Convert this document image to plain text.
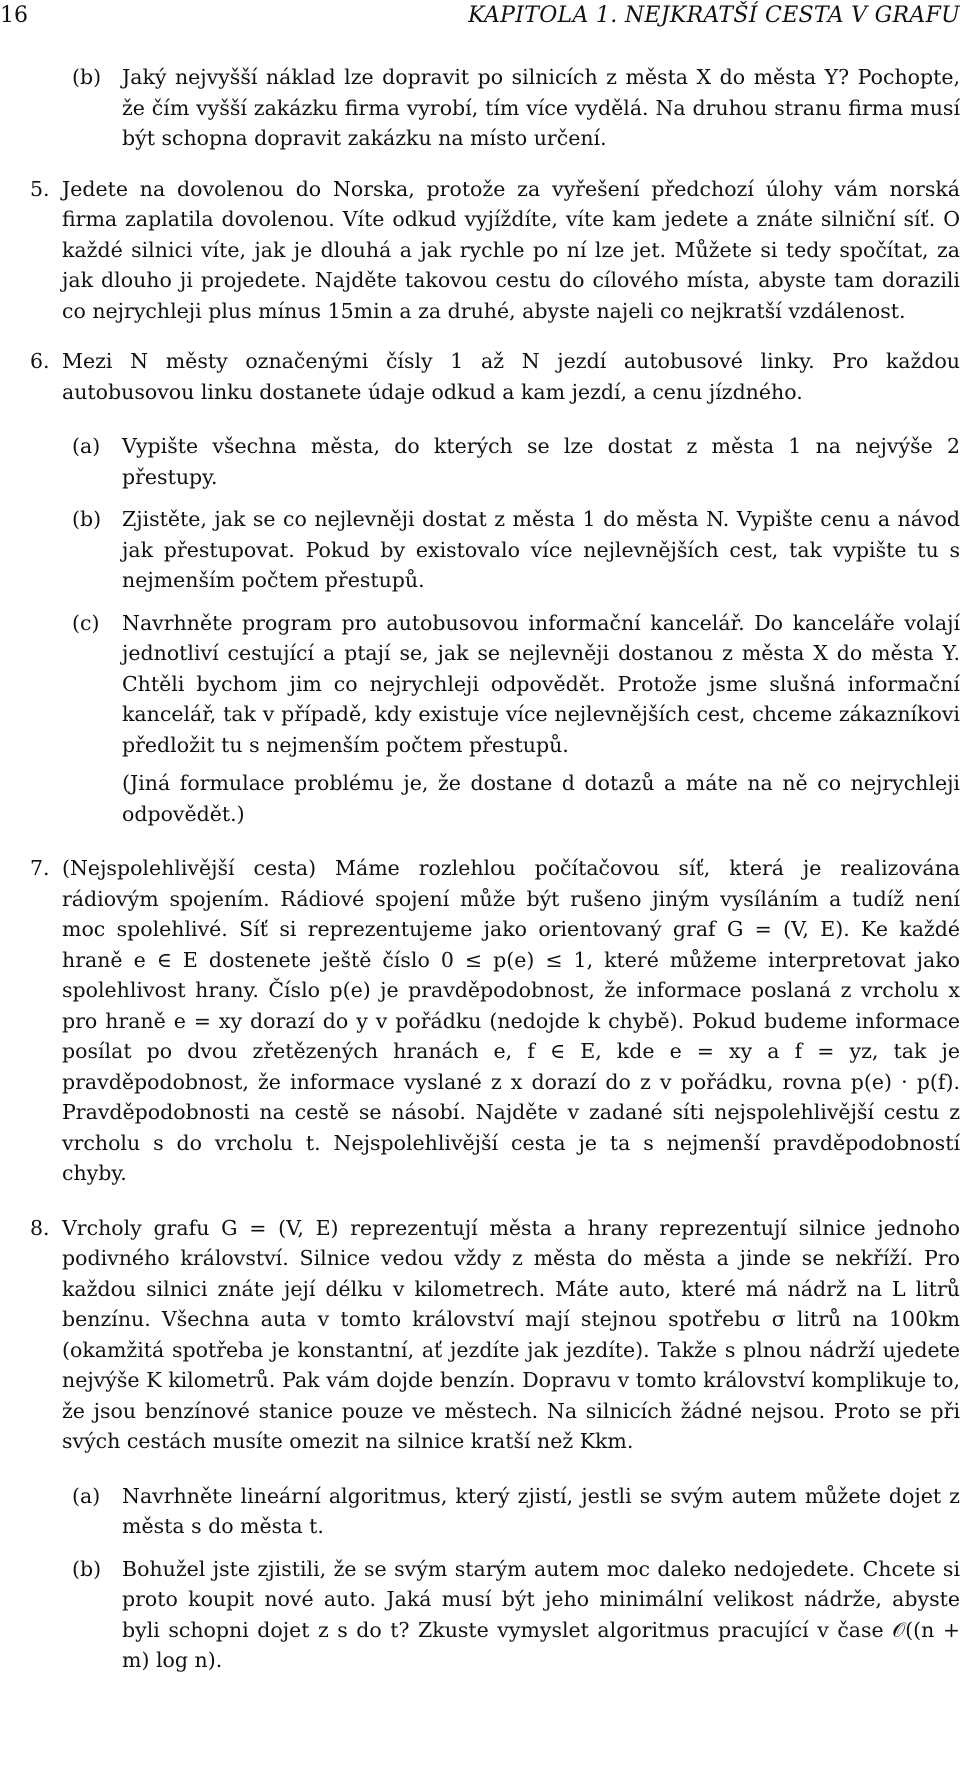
16	KAPITOLA 1. NEJKRATŠÍ CESTA V GRAFU
(b) Jaký nejvyšší náklad lze dopravit po silnicích z města X do města Y? Pochopte, že čím vyšší zakázku firma vyrobí, tím více vydělá. Na druhou stranu firma musí být schopna dopravit zakázku na místo určení.

5. Jedete na dovolenou do Norska, protože za vyřešení předchozí úlohy vám norská firma zaplatila dovolenou. Víte odkud vyjíždíte, víte kam jedete a znáte silniční síť. O každé silnici víte, jak je dlouhá a jak rychle po ní lze jet. Můžete si tedy spočítat, za jak dlouho ji projedete. Najděte takovou cestu do cílového místa, abyste tam dorazili co nejrychleji plus mínus 15min a za druhé, abyste najeli co nejkratší vzdálenost.

6. Mezi N městy označenými čísly 1 až N jezdí autobusové linky. Pro každou autobusovou linku dostanete údaje odkud a kam jezdí, a cenu jízdného.

(a) Vypište všechna města, do kterých se lze dostat z města 1 na nejvýše 2 přestupy.

(b) Zjistěte, jak se co nejlevněji dostat z města 1 do města N. Vypište cenu a návod jak přestupovat. Pokud by existovalo více nejlevnějších cest, tak vypište tu s nejmenším počtem přestupů.

(c) Navrhněte program pro autobusovou informační kancelář. Do kanceláře volají jednotliví cestující a ptají se, jak se nejlevněji dostanou z města X do města Y. Chtěli bychom jim co nejrychleji odpovědět. Protože jsme slušná informační kancelář, tak v případě, kdy existuje více nejlevnějších cest, chceme zákazníkovi předložit tu s nejmenším počtem přestupů.

(Jiná formulace problému je, že dostane d dotazů a máte na ně co nejrychleji odpovědět.)

7. (Nejspolehlivější cesta) Máme rozlehlou počítačovou síť, která je realizována rádiovým spojením. Rádiové spojení může být rušeno jiným vysíláním a tudíž není moc spolehlivé. Síť si reprezentujeme jako orientovaný graf G = (V, E). Ke každé hraně e ∈ E dostenete ještě číslo 0 ≤ p(e) ≤ 1, které můžeme interpretovat jako spolehlivost hrany. Číslo p(e) je pravděpodobnost, že informace poslaná z vrcholu x pro hraně e = xy dorazí do y v pořádku (nedojde k chybě). Pokud budeme informace posílat po dvou zřetězených hranách e, f ∈ E, kde e = xy a f = yz, tak je pravděpodobnost, že informace vyslané z x dorazí do z v pořádku, rovna p(e) · p(f). Pravděpodobnosti na cestě se násobí. Najděte v zadané síti nejspolehlivější cestu z vrcholu s do vrcholu t. Nejspolehlivější cesta je ta s nejmenší pravděpodobností chyby.

8. Vrcholy grafu G = (V, E) reprezentují města a hrany reprezentují silnice jednoho podivného království. Silnice vedou vždy z města do města a jinde se nekříží. Pro každou silnici znáte její délku v kilometrech. Máte auto, které má nádrž na L litrů benzínu. Všechna auta v tomto království mají stejnou spotřebu σ litrů na 100km (okamžitá spotřeba je konstantní, ať jezdíte jak jezdíte). Takže s plnou nádrží ujedete nejvýše K kilometrů. Pak vám dojde benzín. Dopravu v tomto království komplikuje to, že jsou benzínové stanice pouze ve městech. Na silnicích žádné nejsou. Proto se při svých cestách musíte omezit na silnice kratší než Kkm.

(a) Navrhněte lineární algoritmus, který zjistí, jestli se svým autem můžete dojet z města s do města t.

(b) Bohužel jste zjistili, že se svým starým autem moc daleko nedojedete. Chcete si proto koupit nové auto. Jaká musí být jeho minimální velikost nádrže, abyste byli schopni dojet z s do t? Zkuste vymyslet algoritmus pracující v čase 𝒪((n + m) log n).
